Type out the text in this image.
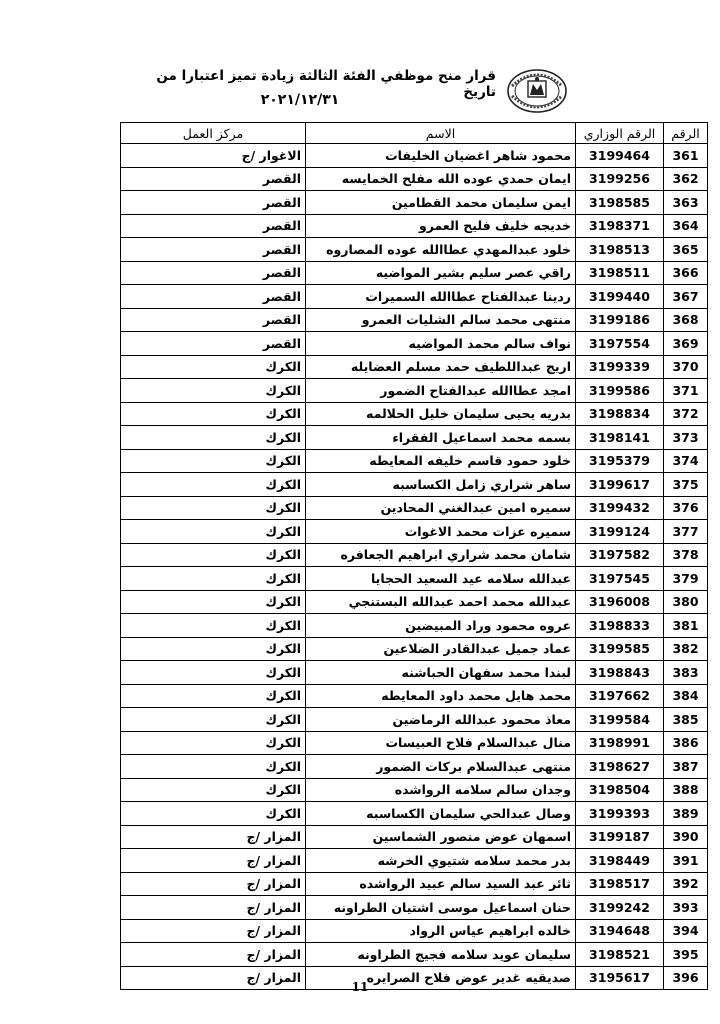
قرار منح موظفي الفئة الثالثة زيادة تميز اعتبارا من تاريخ
٢٠٢١/١٢/٣١
الرقم	الرقم الوزاري	الاسم	مركز العمل
361	3199464	محمود شاهر اغضيان الخليفات	الاغوار /ج
362	3199256	ايمان حمدي عوده الله مفلح الخمايسه	القصر
363	3198585	ايمن سليمان محمد القطامين	القصر
364	3198371	خديجه خليف فليح العمرو	القصر
365	3198513	خلود عبدالمهدي عطاالله عوده المصاروه	القصر
366	3198511	راقي عصر سليم بشير المواضيه	القصر
367	3199440	ردينا عبدالفتاح عطاالله السميرات	القصر
368	3199186	منتهى محمد سالم الشليات العمرو	القصر
369	3197554	نواف سالم محمد المواضيه	القصر
370	3199339	اريج عبداللطيف حمد مسلم العضايله	الكرك
371	3199586	امجد عطاالله عبدالفتاح الضمور	الكرك
372	3198834	بدريه يحيى سليمان خليل الحلالمه	الكرك
373	3198141	بسمه محمد اسماعيل الفقراء	الكرك
374	3195379	خلود حمود قاسم خليفه المعايطه	الكرك
375	3199617	ساهر شراري زامل الكساسبه	الكرك
376	3199432	سميره امين عبدالغني المحادين	الكرك
377	3199124	سميره عزات محمد الاغوات	الكرك
378	3197582	شامان محمد شراري ابراهيم الجعافره	الكرك
379	3197545	عبدالله سلامه عيد السعيد الحجايا	الكرك
380	3196008	عبدالله محمد احمد عبدالله البستنجي	الكرك
381	3198833	عروه محمود وراد المبيضين	الكرك
382	3199585	عماد جميل عبدالقادر الضلاعين	الكرك
383	3198843	لبندا محمد سفهان الحباشنه	الكرك
384	3197662	محمد هايل محمد داود المعايطه	الكرك
385	3199584	معاذ محمود عبدالله الرماضين	الكرك
386	3198991	منال عبدالسلام فلاح العبيسات	الكرك
387	3198627	منتهى عبدالسلام بركات الضمور	الكرك
388	3198504	وجدان سالم سلامه الرواشده	الكرك
389	3199393	وصال عبدالحي سليمان الكساسبه	الكرك
390	3199187	اسمهان عوض منصور الشماسين	المزار /ج
391	3198449	بدر محمد سلامه شتيوي الخرشه	المزار /ج
392	3198517	ثائر عبد السيد سالم عبيد الرواشده	المزار /ج
393	3199242	حنان اسماعيل موسى اشتيان الطراونه	المزار /ج
394	3194648	خالده ابراهيم عياس الرواد	المزار /ج
395	3198521	سليمان عويد سلامه فجيج الطراونه	المزار /ج
396	3195617	صديقيه غدير عوض فلاح الصرايره	المزار /ج
11
